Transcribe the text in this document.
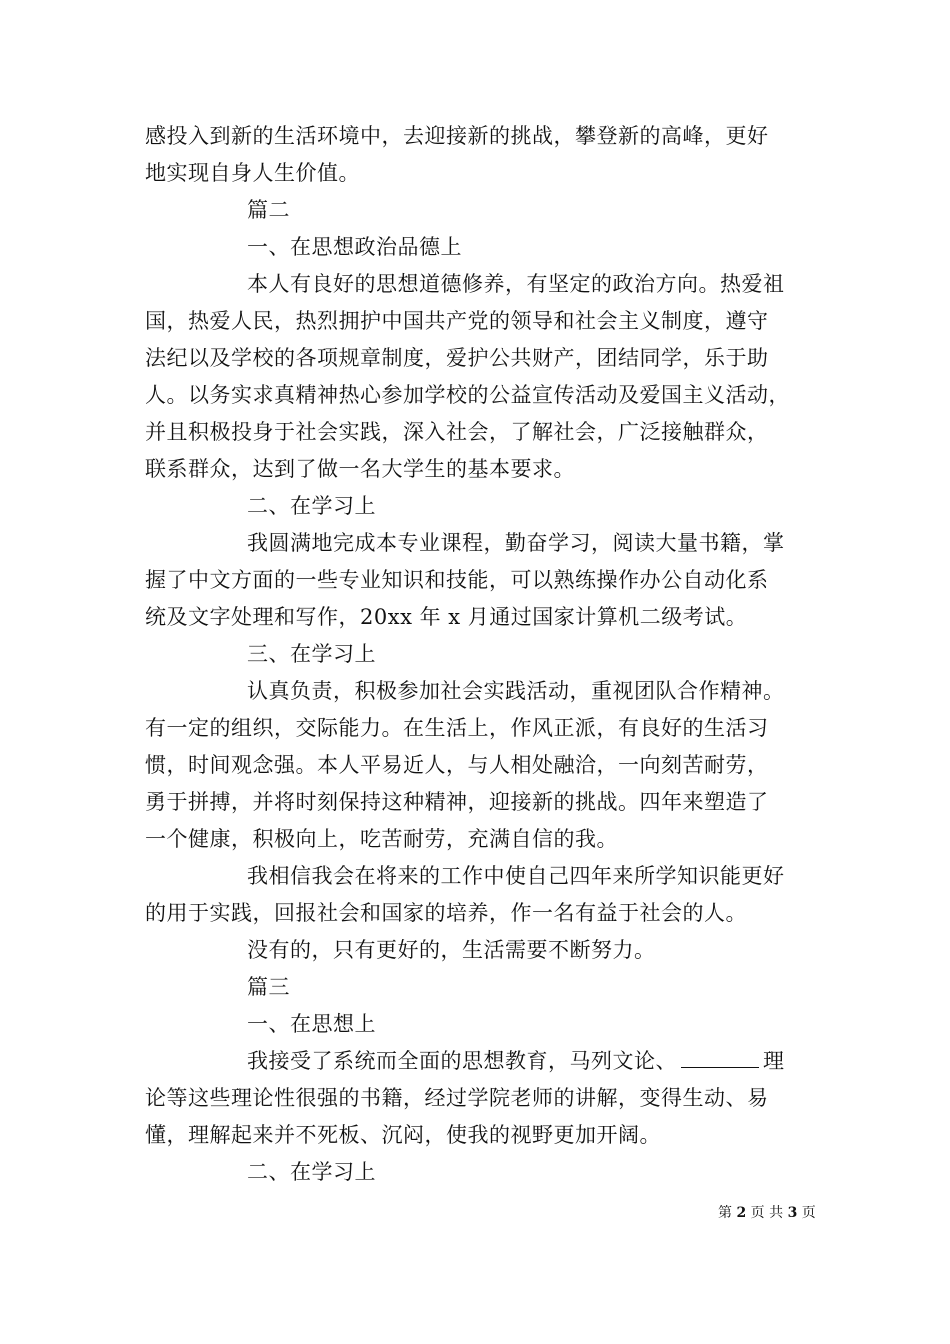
感投入到新的生活环境中，去迎接新的挑战，攀登新的高峰，更好
地实现自身人生价值。
篇二
一、在思想政治品德上
本人有良好的思想道德修养，有坚定的政治方向。热爱祖
国，热爱人民，热烈拥护中国共产党的领导和社会主义制度，遵守
法纪以及学校的各项规章制度，爱护公共财产，团结同学，乐于助
人。以务实求真精神热心参加学校的公益宣传活动及爱国主义活动，
并且积极投身于社会实践，深入社会，了解社会，广泛接触群众，
联系群众，达到了做一名大学生的基本要求。
二、在学习上
我圆满地完成本专业课程，勤奋学习，阅读大量书籍，掌
握了中文方面的一些专业知识和技能，可以熟练操作办公自动化系
统及文字处理和写作，20xx 年 x 月通过国家计算机二级考试。
三、在学习上
认真负责，积极参加社会实践活动，重视团队合作精神。
有一定的组织，交际能力。在生活上，作风正派，有良好的生活习
惯，时间观念强。本人平易近人，与人相处融洽，一向刻苦耐劳，
勇于拼搏，并将时刻保持这种精神，迎接新的挑战。四年来塑造了
一个健康，积极向上，吃苦耐劳，充满自信的我。
我相信我会在将来的工作中使自己四年来所学知识能更好
的用于实践，回报社会和国家的培养，作一名有益于社会的人。
没有的，只有更好的，生活需要不断努力。
篇三
一、在思想上
我接受了系统而全面的思想教育，马列文论、	理
论等这些理论性很强的书籍，经过学院老师的讲解，变得生动、易
懂，理解起来并不死板、沉闷，使我的视野更加开阔。
二、在学习上
第 2 页 共 3 页
